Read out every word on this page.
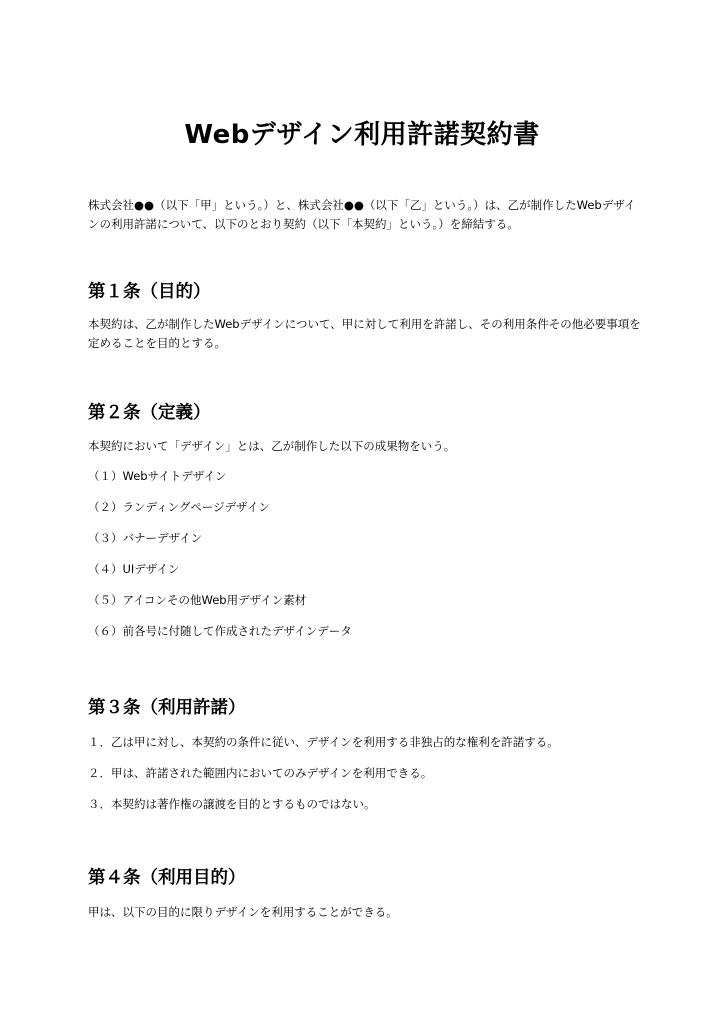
Webデザイン利用許諾契約書
株式会社●●（以下「甲」という。）と、株式会社●●（以下「乙」という。）は、乙が制作したWebデザインの利用許諾について、以下のとおり契約（以下「本契約」という。）を締結する。

第１条（目的）

本契約は、乙が制作したWebデザインについて、甲に対して利用を許諾し、その利用条件その他必要事項を定めることを目的とする。

第２条（定義）

本契約において「デザイン」とは、乙が制作した以下の成果物をいう。

（１）Webサイトデザイン

（２）ランディングページデザイン

（３）バナーデザイン

（４）UIデザイン

（５）アイコンその他Web用デザイン素材

（６）前各号に付随して作成されたデザインデータ

第３条（利用許諾）

１．乙は甲に対し、本契約の条件に従い、デザインを利用する非独占的な権利を許諾する。

２．甲は、許諾された範囲内においてのみデザインを利用できる。

３．本契約は著作権の譲渡を目的とするものではない。

第４条（利用目的）

甲は、以下の目的に限りデザインを利用することができる。
